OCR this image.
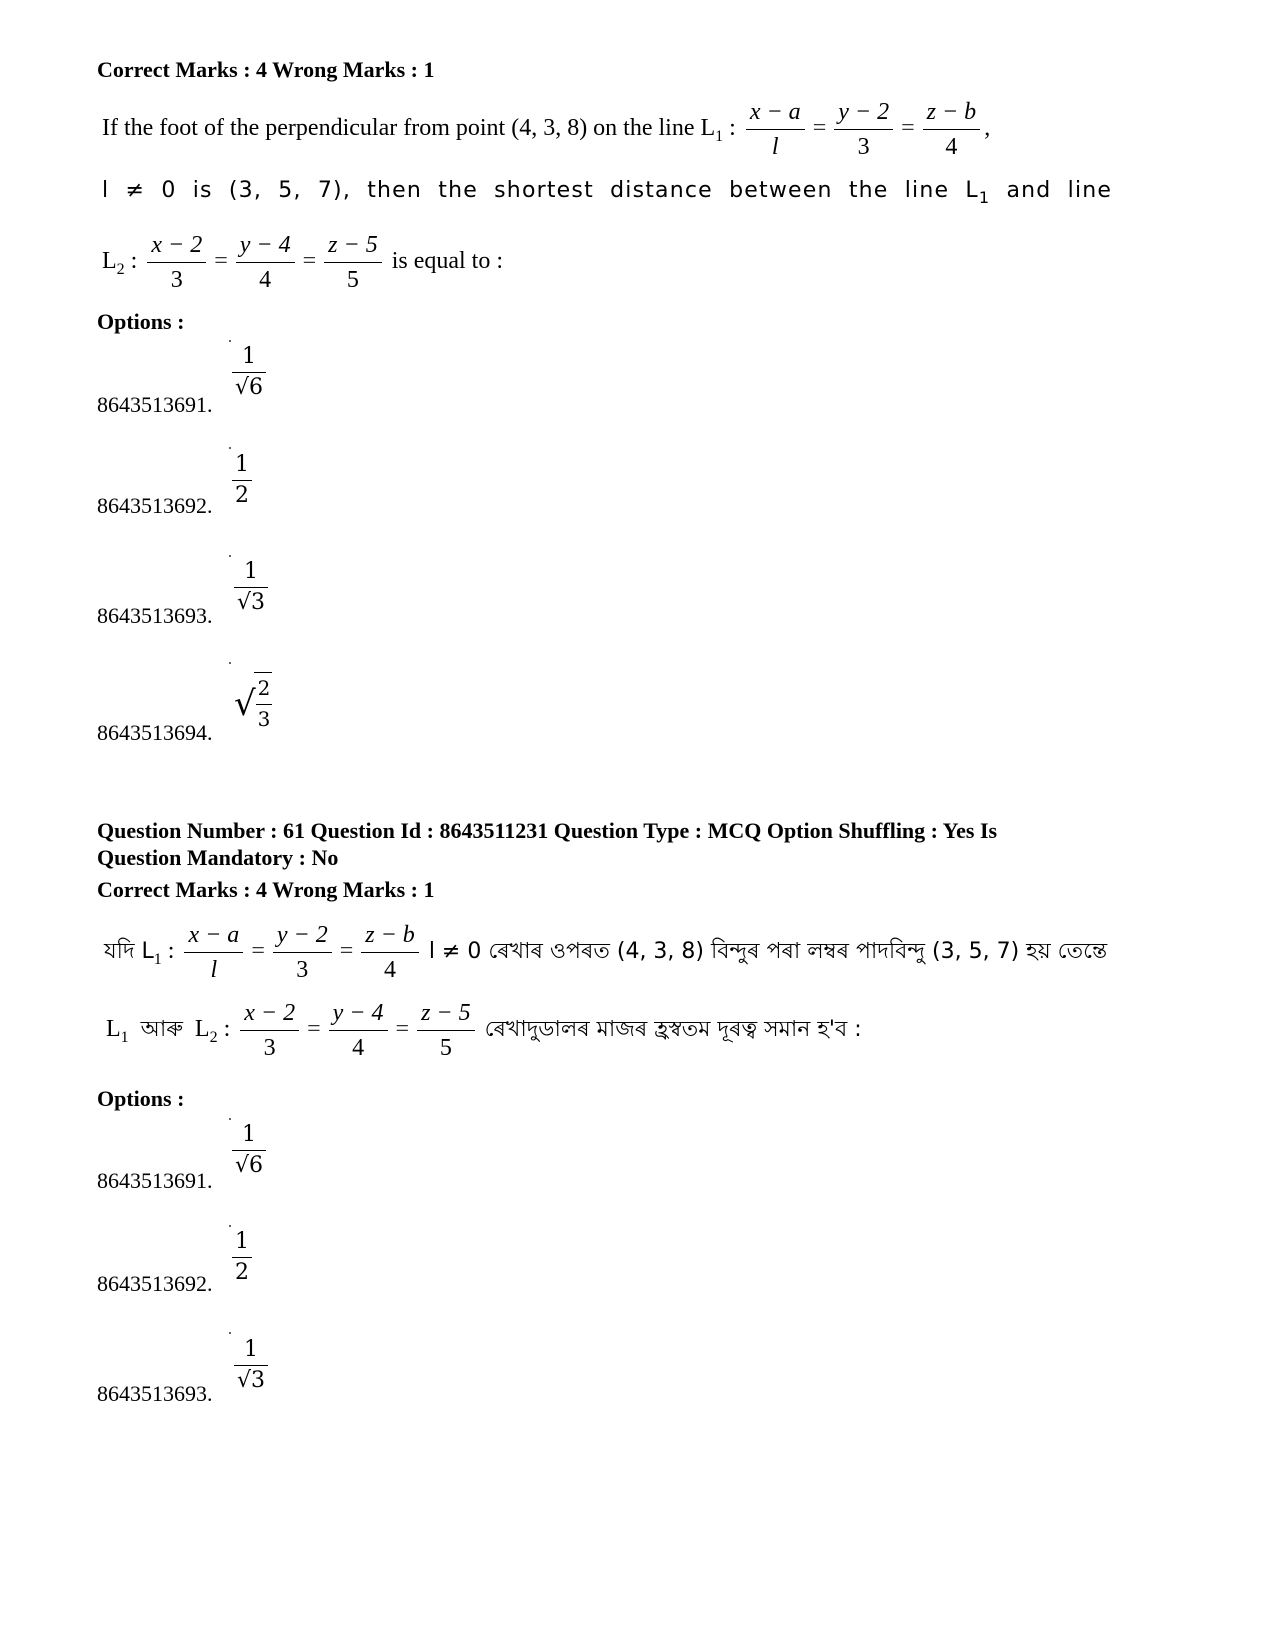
Correct Marks : 4 Wrong Marks : 1
If the foot of the perpendicular from point (4, 3, 8) on the line $L_1$ : $\frac{x - a}{l} = \frac{y - 2}{3} = \frac{z - b}{4}$ ,
l ≠ 0 is (3, 5, 7), then the shortest distance between the line $L_1$ and line
$L_2$ : $\frac{x - 2}{3} = \frac{y - 4}{4} = \frac{z - 5}{5}$ is equal to :
Options :
8643513691.
1
√6
8643513692.
1
2
8643513693.
1
√3
8643513694.
√ 2
3
Question Number : 61 Question Id : 8643511231 Question Type : MCQ Option Shuffling : Yes Is
Question Mandatory : No
Correct Marks : 4 Wrong Marks : 1
যদি $L_1$ : $\frac{x - a}{l} = \frac{y - 2}{3} = \frac{z - b}{4}$ l ≠ 0 ৰেখাৰ ওপৰত (4, 3, 8) বিন্দুৰ পৰা লম্বৰ পাদবিন্দু (3, 5, 7) হয় তেন্তে
$L_1$ আৰু $L_2$ : $\frac{x - 2}{3} = \frac{y - 4}{4} = \frac{z - 5}{5}$ ৰেখাদুডালৰ মাজৰ হ্ৰস্বতম দূৰত্ব সমান হ'ব :
Options :
8643513691.
1
√6
8643513692.
1
2
8643513693.
1
√3
